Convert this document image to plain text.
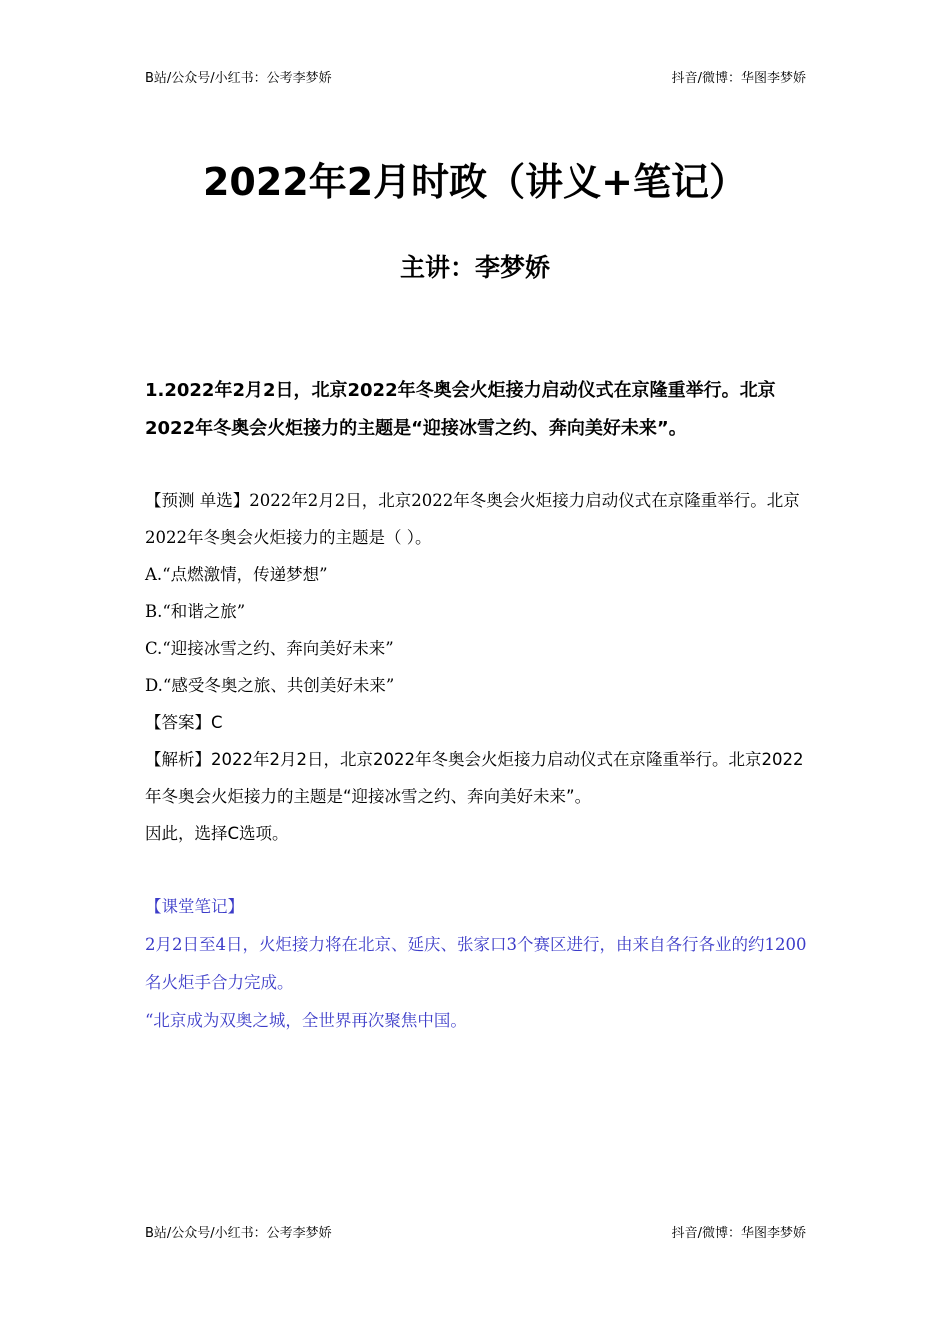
B站/公众号/小红书：公考李梦娇	抖音/微博：华图李梦娇
2022年2月时政（讲义+笔记）
主讲：李梦娇

1.2022年2月2日，北京2022年冬奥会火炬接力启动仪式在京隆重举行。北京2022年冬奥会火炬接力的主题是“迎接冰雪之约、奔向美好未来”。

【预测 单选】2022年2月2日，北京2022年冬奥会火炬接力启动仪式在京隆重举行。北京2022年冬奥会火炬接力的主题是（ ）。

A.“点燃激情，传递梦想”

B.“和谐之旅”

C.“迎接冰雪之约、奔向美好未来”

D.“感受冬奥之旅、共创美好未来”

【答案】C

【解析】2022年2月2日，北京2022年冬奥会火炬接力启动仪式在京隆重举行。北京2022年冬奥会火炬接力的主题是“迎接冰雪之约、奔向美好未来”。

因此，选择C选项。

【课堂笔记】

2月2日至4日，火炬接力将在北京、延庆、张家口3个赛区进行，由来自各行各业的约1200名火炬手合力完成。

“北京成为双奥之城，全世界再次聚焦中国。

B站/公众号/小红书：公考李梦娇	抖音/微博：华图李梦娇
